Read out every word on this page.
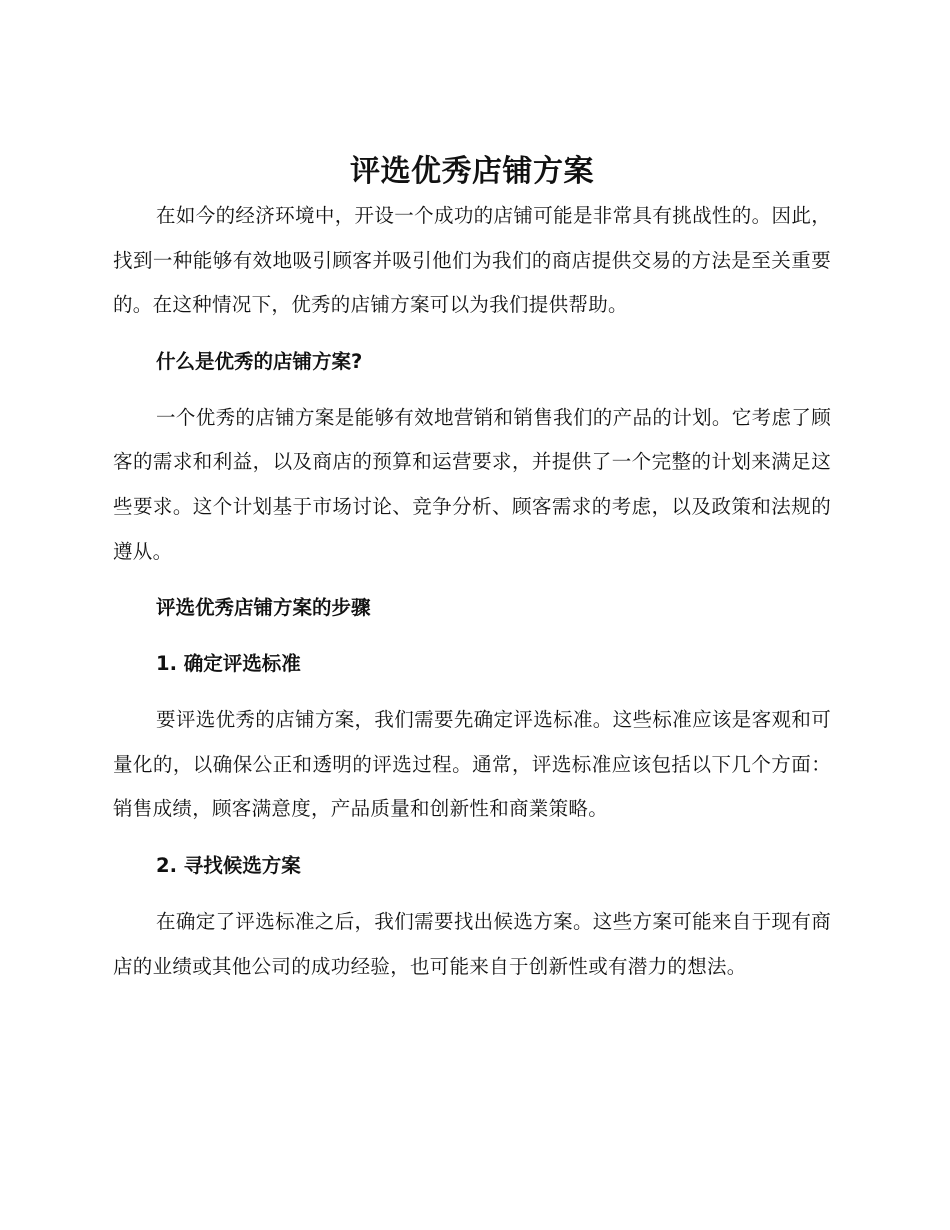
评选优秀店铺方案

在如今的经济环境中，开设一个成功的店铺可能是非常具有挑战性的。因此，找到一种能够有效地吸引顾客并吸引他们为我们的商店提供交易的方法是至关重要的。在这种情况下，优秀的店铺方案可以为我们提供帮助。

什么是优秀的店铺方案?

一个优秀的店铺方案是能够有效地营销和销售我们的产品的计划。它考虑了顾客的需求和利益，以及商店的预算和运营要求，并提供了一个完整的计划来满足这些要求。这个计划基于市场讨论、竞争分析、顾客需求的考虑，以及政策和法规的遵从。

评选优秀店铺方案的步骤

1. 确定评选标准

要评选优秀的店铺方案，我们需要先确定评选标准。这些标准应该是客观和可量化的，以确保公正和透明的评选过程。通常，评选标准应该包括以下几个方面：销售成绩，顾客满意度，产品质量和创新性和商業策略。

2. 寻找候选方案

在确定了评选标准之后，我们需要找出候选方案。这些方案可能来自于现有商店的业绩或其他公司的成功经验，也可能来自于创新性或有潜力的想法。
